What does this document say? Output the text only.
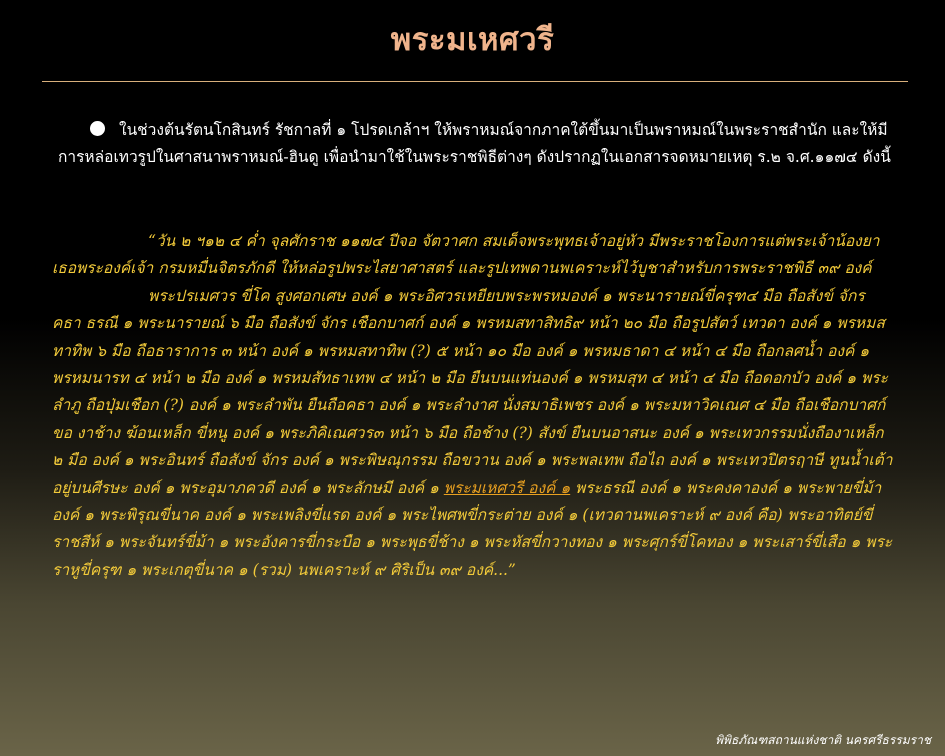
พระมเหศวรี
ในช่วงต้นรัตนโกสินทร์ รัชกาลที่ ๑ โปรดเกล้าฯ ให้พราหมณ์จากภาคใต้ขึ้นมาเป็นพราหมณ์ในพระราชสำนัก และให้มีการหล่อเทวรูปในศาสนาพราหมณ์-ฮินดู เพื่อนำมาใช้ในพระราชพิธีต่างๆ ดังปรากฏในเอกสารจดหมายเหตุ ร.๒ จ.ศ.๑๑๗๔ ดังนี้

“วัน ๒ ฯ๑๒ ๔ ค่ำ จุลศักราช ๑๑๗๔ ปีจอ จัตวาศก สมเด็จพระพุทธเจ้าอยู่หัว มีพระราชโองการแต่พระเจ้าน้องยาเธอพระองค์เจ้า กรมหมื่นจิตรภักดี ให้หล่อรูปพระไสยาศาสตร์ และรูปเทพดานพเคราะห์ไว้บูชาสำหรับการพระราชพิธี ๓๙ องค์

พระปรเมศวร ขี่โค สูงศอกเศษ องค์ ๑ พระอิศวรเหยียบพระพรหมองค์ ๑ พระนารายณ์ขี่ครุฑ๔ มือ ถือสังข์ จักร คธา ธรณี ๑ พระนารายณ์ ๖ มือ ถือสังข์ จักร เชือกบาศก์ องค์ ๑ พรหมสทาสิทธิ๙ หน้า ๒๐ มือ ถือรูปสัตว์ เทวดา องค์ ๑ พรหมสทาทิพ ๖ มือ ถือธาราการ ๓ หน้า องค์ ๑ พรหมสทาทิพ (?) ๕ หน้า ๑๐ มือ องค์ ๑ พรหมธาดา ๔ หน้า ๔ มือ ถือกลศน้ำ องค์ ๑ พรหมนารท ๔ หน้า ๒ มือ องค์ ๑ พรหมสัทธาเทพ ๔ หน้า ๒ มือ ยืนบนแท่นองค์ ๑ พรหมสุท ๔ หน้า ๔ มือ ถือดอกบัว องค์ ๑ พระลำภู ถือปุ่มเชือก (?) องค์ ๑ พระลำพัน ยืนถือคธา องค์ ๑ พระลำงาศ นั่งสมาธิเพชร องค์ ๑ พระมหาวิคเณศ ๔ มือ ถือเชือกบาศก์ ขอ งาช้าง ฆ้อนเหล็ก ขี่หนู องค์ ๑ พระภิคิเณศวร๓ หน้า ๖ มือ ถือช้าง (?) สังข์ ยืนบนอาสนะ องค์ ๑ พระเทวกรรมนั่งถืองาเหล็ก ๒ มือ องค์ ๑ พระอินทร์ ถือสังข์ จักร องค์ ๑ พระพิษณุกรรม ถือขวาน องค์ ๑ พระพลเทพ ถือไถ องค์ ๑ พระเทวปิตรฤาษี ทูนน้ำเต้าอยู่บนศีรษะ องค์ ๑ พระอุมาภควดี องค์ ๑ พระลักษมี องค์ ๑ พระมเหศวรี องค์ ๑ พระธรณี องค์ ๑ พระคงคาองค์ ๑ พระพายขี่ม้า องค์ ๑ พระพิรุณขี่นาค องค์ ๑ พระเพลิงขี่แรด องค์ ๑ พระไพศพขี่กระต่าย องค์ ๑ (เทวดานพเคราะห์ ๙ องค์ คือ) พระอาทิตย์ขี่ราชสีห์ ๑ พระจันทร์ขี่ม้า ๑ พระอังคารขี่กระบือ ๑ พระพุธขี่ช้าง ๑ พระหัสขี่กวางทอง ๑ พระศุกร์ขี่โคทอง ๑ พระเสาร์ขี่เสือ ๑ พระราหูขี่ครุฑ ๑ พระเกตุขี่นาค ๑ (รวม) นพเคราะห์ ๙ ศิริเป็น ๓๙ องค์...”

พิพิธภัณฑสถานแห่งชาติ นครศรีธรรมราช
